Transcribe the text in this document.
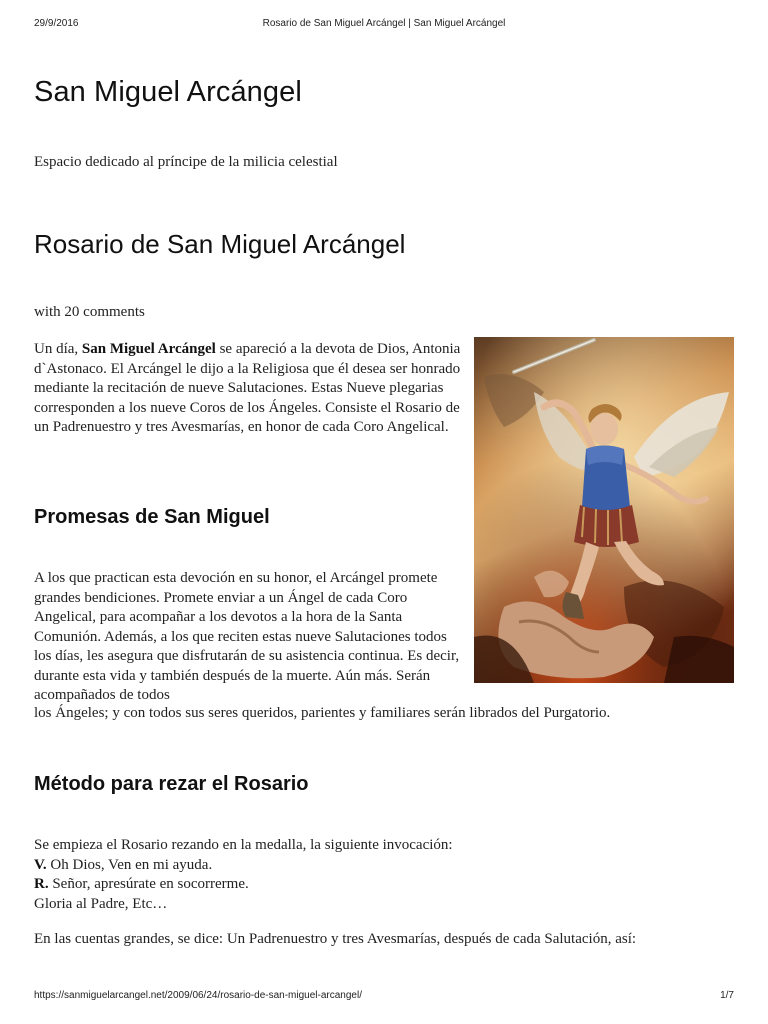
29/9/2016	Rosario de San Miguel Arcángel | San Miguel Arcángel
San Miguel Arcángel

Espacio dedicado al príncipe de la milicia celestial

Rosario de San Miguel Arcángel
with 20 comments

Un día, San Miguel Arcángel se apareció a la devota de Dios, Antonia d`Astonaco. El Arcángel le dijo a la Religiosa que él desea ser honrado mediante la recitación de nueve Salutaciones. Estas Nueve plegarias corresponden a los nueve Coros de los Ángeles. Consiste el Rosario de un Padrenuestro y tres Avesmarías, en honor de cada Coro Angelical.

Promesas de San Miguel

A los que practican esta devoción en su honor, el Arcángel promete grandes bendiciones. Promete enviar a un Ángel de cada Coro Angelical, para acompañar a los devotos a la hora de la Santa Comunión. Además, a los que reciten estas nueve Salutaciones todos los días, les asegura que disfrutarán de su asistencia continua. Es decir, durante esta vida y también después de la muerte. Aún más. Serán acompañados de todos

los Ángeles; y con todos sus seres queridos, parientes y familiares serán librados del Purgatorio.

Método para rezar el Rosario
Se empieza el Rosario rezando en la medalla, la siguiente invocación:
V. Oh Dios, Ven en mi ayuda.
R. Señor, apresúrate en socorrerme.
Gloria al Padre, Etc…

En las cuentas grandes, se dice: Un Padrenuestro y tres Avesmarías, después de cada Salutación, así:

https://sanmiguelarcangel.net/2009/06/24/rosario-de-san-miguel-arcangel/	1/7
